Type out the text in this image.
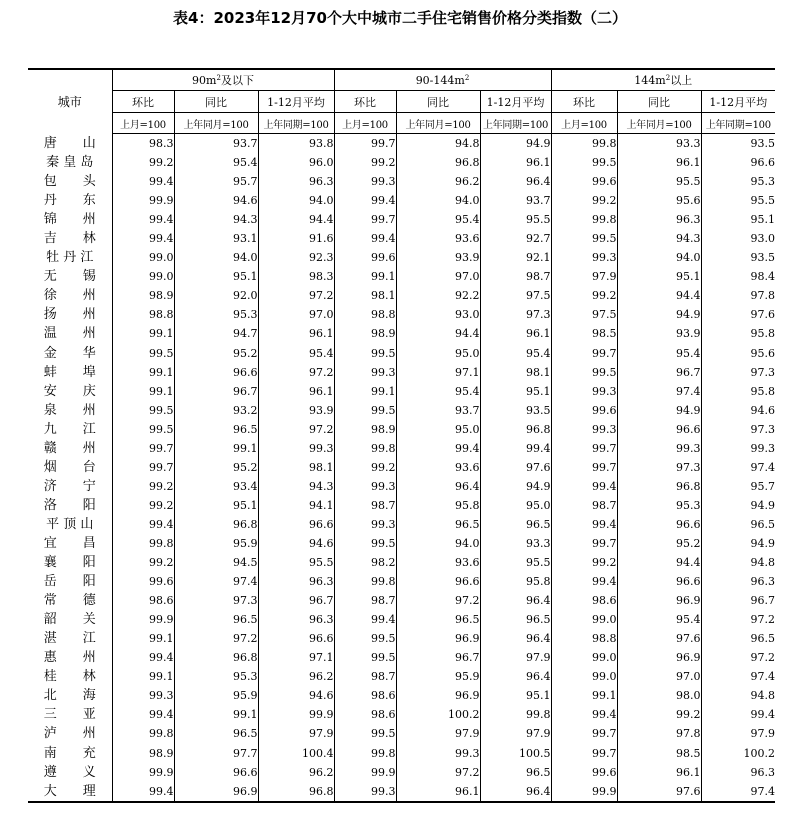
表4：2023年12月70个大中城市二手住宅销售价格分类指数（二）
城市	$90m^2$及以下			$90-144m^2$			$144m^2$以上		
	环比	同比	1-12月平均	环比	同比	1-12月平均	环比	同比	1-12月平均
	上月=100	上年同月=100	上年同期=100	上月=100	上年同月=100	上年同期=100	上月=100	上年同月=100	上年同期=100
唐　　山	98.3	93.7	93.8	99.7	94.8	94.9	99.8	93.3	93.5
秦 皇 岛	99.2	95.4	96.0	99.2	96.8	96.1	99.5	96.1	96.6
包　　头	99.4	95.7	96.3	99.3	96.2	96.4	99.6	95.5	95.3
丹　　东	99.9	94.6	94.0	99.4	94.0	93.7	99.2	95.6	95.5
锦　　州	99.4	94.3	94.4	99.7	95.4	95.5	99.8	96.3	95.1
吉　　林	99.4	93.1	91.6	99.4	93.6	92.7	99.5	94.3	93.0
牡 丹 江	99.0	94.0	92.3	99.6	93.9	92.1	99.3	94.0	93.5
无　　锡	99.0	95.1	98.3	99.1	97.0	98.7	97.9	95.1	98.4
徐　　州	98.9	92.0	97.2	98.1	92.2	97.5	99.2	94.4	97.8
扬　　州	98.8	95.3	97.0	98.8	93.0	97.3	97.5	94.9	97.6
温　　州	99.1	94.7	96.1	98.9	94.4	96.1	98.5	93.9	95.8
金　　华	99.5	95.2	95.4	99.5	95.0	95.4	99.7	95.4	95.6
蚌　　埠	99.1	96.6	97.2	99.3	97.1	98.1	99.5	96.7	97.3
安　　庆	99.1	96.7	96.1	99.1	95.4	95.1	99.3	97.4	95.8
泉　　州	99.5	93.2	93.9	99.5	93.7	93.5	99.6	94.9	94.6
九　　江	99.5	96.5	97.2	98.9	95.0	96.8	99.3	96.6	97.3
赣　　州	99.7	99.1	99.3	99.8	99.4	99.4	99.7	99.3	99.3
烟　　台	99.7	95.2	98.1	99.2	93.6	97.6	99.7	97.3	97.4
济　　宁	99.2	93.4	94.3	99.3	96.4	94.9	99.4	96.8	95.7
洛　　阳	99.2	95.1	94.1	98.7	95.8	95.0	98.7	95.3	94.9
平 顶 山	99.4	96.8	96.6	99.3	96.5	96.5	99.4	96.6	96.5
宜　　昌	99.8	95.9	94.6	99.5	94.0	93.3	99.7	95.2	94.9
襄　　阳	99.2	94.5	95.5	98.2	93.6	95.5	99.2	94.4	94.8
岳　　阳	99.6	97.4	96.3	99.8	96.6	95.8	99.4	96.6	96.3
常　　德	98.6	97.3	96.7	98.7	97.2	96.4	98.6	96.9	96.7
韶　　关	99.9	96.5	96.3	99.4	96.5	96.5	99.0	95.4	97.2
湛　　江	99.1	97.2	96.6	99.5	96.9	96.4	98.8	97.6	96.5
惠　　州	99.4	96.8	97.1	99.5	96.7	97.9	99.0	96.9	97.2
桂　　林	99.1	95.3	96.2	98.7	95.9	96.4	99.0	97.0	97.4
北　　海	99.3	95.9	94.6	98.6	96.9	95.1	99.1	98.0	94.8
三　　亚	99.4	99.1	99.9	98.6	100.2	99.8	99.4	99.2	99.4
泸　　州	99.8	96.5	97.9	99.5	97.9	97.9	99.7	97.8	97.9
南　　充	98.9	97.7	100.4	99.8	99.3	100.5	99.7	98.5	100.2
遵　　义	99.9	96.6	96.2	99.9	97.2	96.5	99.6	96.1	96.3
大　　理	99.4	96.9	96.8	99.3	96.1	96.4	99.9	97.6	97.4
